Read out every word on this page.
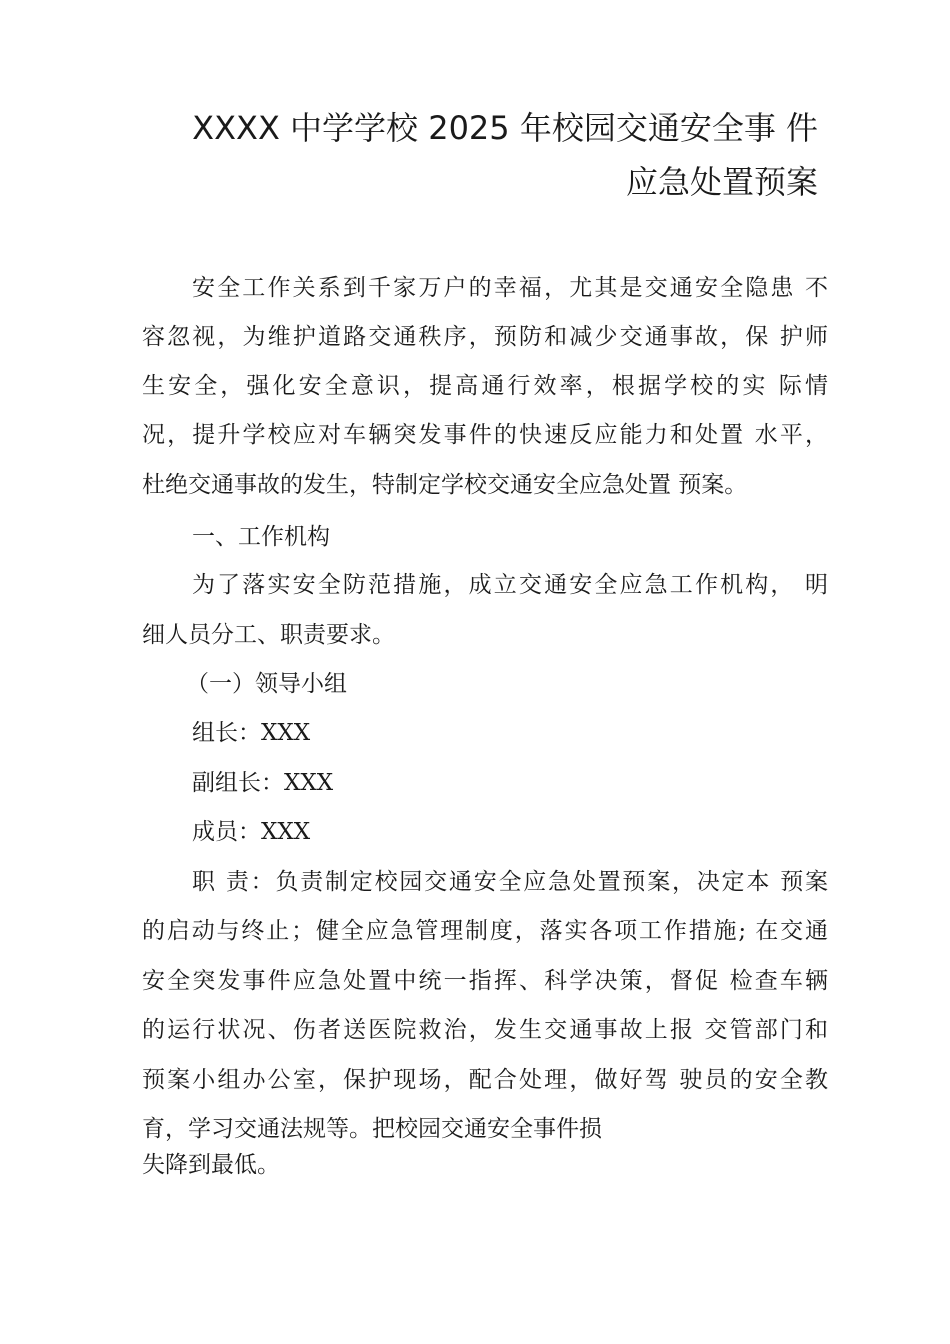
XXXX 中学学校 2025 年校园交通安全事 件
应急处置预案
安全工作关系到千家万户的幸福，尤其是交通安全隐患 不
容忽视，为维护道路交通秩序，预防和减少交通事故，保 护师
生安全，强化安全意识，提高通行效率，根据学校的实 际情
况，提升学校应对车辆突发事件的快速反应能力和处置 水平，
杜绝交通事故的发生，特制定学校交通安全应急处置 预案。
一、工作机构
为了落实安全防范措施，成立交通安全应急工作机构， 明
细人员分工、职责要求。
（一）领导小组
组长：XXX
副组长：XXX
成员：XXX
职 责：负责制定校园交通安全应急处置预案，决定本 预案
的启动与终止；健全应急管理制度，落实各项工作措施; 在交通
安全突发事件应急处置中统一指挥、科学决策，督促 检查车辆
的运行状况、伤者送医院救治，发生交通事故上报 交管部门和
预案小组办公室，保护现场，配合处理，做好驾 驶员的安全教
育，学习交通法规等。把校园交通安全事件损
失降到最低。
